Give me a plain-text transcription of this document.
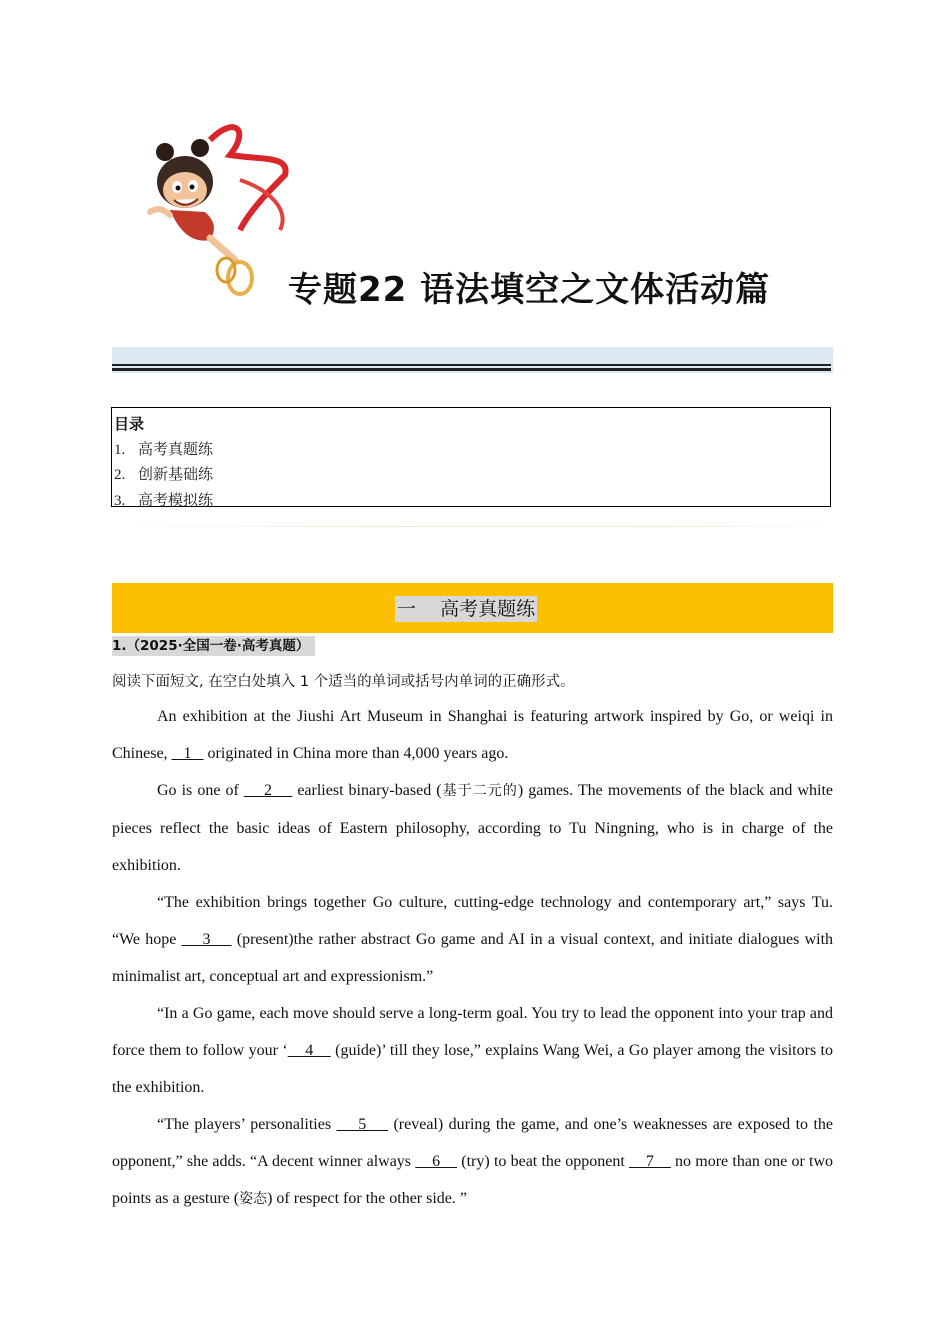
专题22 语法填空之文体活动篇
目录
1. 高考真题练
2. 创新基础练
3. 高考模拟练
一    高考真题练
1.（2025·全国一卷·高考真题）
阅读下面短文, 在空白处填入 1 个适当的单词或括号内单词的正确形式。

An exhibition at the Jiushi Art Museum in Shanghai is featuring artwork inspired by Go, or weiqi in Chinese,    1    originated in China more than 4,000 years ago.

Go is one of     2     earliest binary-based (基于二元的) games. The movements of the black and white pieces reflect the basic ideas of Eastern philosophy, according to Tu Ningning, who is in charge of the exhibition.

“The exhibition brings together Go culture, cutting-edge technology and contemporary art,” says Tu. “We hope     3     (present)the rather abstract Go game and AI in a visual context, and initiate dialogues with minimalist art, conceptual art and expressionism.”

“In a Go game, each move should serve a long-term goal. You try to lead the opponent into your trap and force them to follow your ‘    4     (guide)’ till they lose,” explains Wang Wei, a Go player among the visitors to the exhibition.

“The players’ personalities     5     (reveal) during the game, and one’s weaknesses are exposed to the opponent,” she adds. “A decent winner always     6     (try) to beat the opponent     7     no more than one or two points as a gesture (姿态) of respect for the other side. ”
